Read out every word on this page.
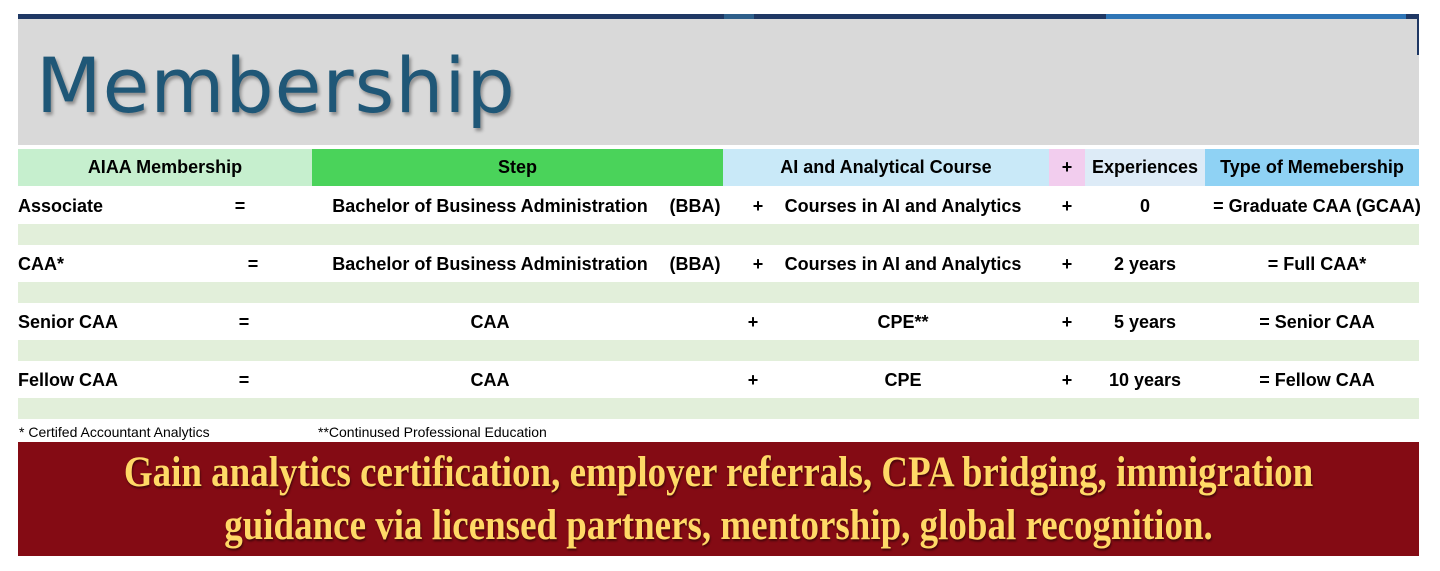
Membership
AIAA Membership	Step	AI and Analytical Course	+	Experiences	Type of Memebership
Associate	=	Bachelor of Business Administration	(BBA)	+	Courses in AI and Analytics	+	0	= Graduate CAA (GCAA)
CAA*	=	Bachelor of Business Administration	(BBA)	+	Courses in AI and Analytics	+	2 years	= Full CAA*
Senior CAA	=	CAA	+	CPE**	+	5 years	= Senior CAA
Fellow CAA	=	CAA	+	CPE	+	10 years	= Fellow CAA
* Certifed Accountant Analytics	**Continused Professional Education
Gain analytics certification, employer referrals, CPA bridging, immigration
guidance via licensed partners, mentorship, global recognition.
